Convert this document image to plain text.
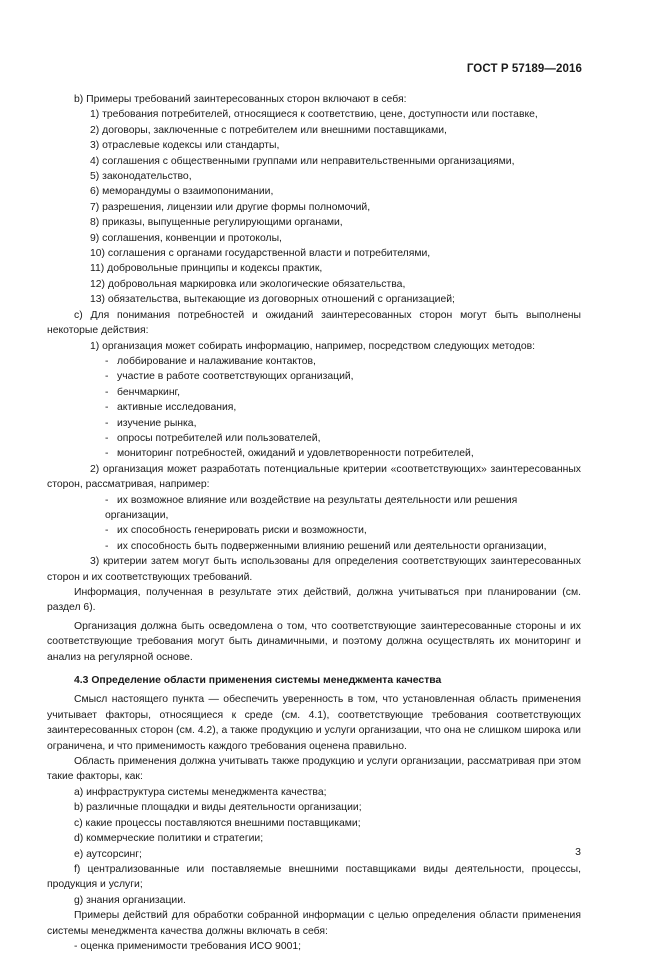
ГОСТ Р 57189—2016

b) Примеры требований заинтересованных сторон включают в себя:

1) требования потребителей, относящиеся к соответствию, цене, доступности или поставке,

2) договоры, заключенные с потребителем или внешними поставщиками,

3) отраслевые кодексы или стандарты,

4) соглашения с общественными группами или неправительственными организациями,

5) законодательство,

6) меморандумы о взаимопонимании,

7) разрешения, лицензии или другие формы полномочий,

8) приказы, выпущенные регулирующими органами,

9) соглашения, конвенции и протоколы,

10) соглашения с органами государственной власти и потребителями,

11) добровольные принципы и кодексы практик,

12) добровольная маркировка или экологические обязательства,

13) обязательства, вытекающие из договорных отношений с организацией;

c) Для понимания потребностей и ожиданий заинтересованных сторон могут быть выполнены некоторые действия:

1) организация может собирать информацию, например, посредством следующих методов:

- лоббирование и налаживание контактов,

- участие в работе соответствующих организаций,

- бенчмаркинг,

- активные исследования,

- изучение рынка,

- опросы потребителей или пользователей,

- мониторинг потребностей, ожиданий и удовлетворенности потребителей,

2) организация может разработать потенциальные критерии «соответствующих» заинтересованных сторон, рассматривая, например:

- их возможное влияние или воздействие на результаты деятельности или решения организации,

- их способность генерировать риски и возможности,

- их способность быть подверженными влиянию решений или деятельности организации,

3) критерии затем могут быть использованы для определения соответствующих заинтересованных сторон и их соответствующих требований.

Информация, полученная в результате этих действий, должна учитываться при планировании (см. раздел 6).

Организация должна быть осведомлена о том, что соответствующие заинтересованные стороны и их соответствующие требования могут быть динамичными, и поэтому должна осуществлять их мониторинг и анализ на регулярной основе.

4.3 Определение области применения системы менеджмента качества

Смысл настоящего пункта — обеспечить уверенность в том, что установленная область применения учитывает факторы, относящиеся к среде (см. 4.1), соответствующие требования соответствующих заинтересованных сторон (см. 4.2), а также продукцию и услуги организации, что она не слишком широка или ограничена, и что применимость каждого требования оценена правильно.

Область применения должна учитывать также продукцию и услуги организации, рассматривая при этом такие факторы, как:

a) инфраструктура системы менеджмента качества;

b) различные площадки и виды деятельности организации;

c) какие процессы поставляются внешними поставщиками;

d) коммерческие политики и стратегии;

e) аутсорсинг;

f) централизованные или поставляемые внешними поставщиками виды деятельности, процессы, продукция и услуги;

g) знания организации.

Примеры действий для обработки собранной информации с целью определения области применения системы менеджмента качества должны включать в себя:

- оценка применимости требования ИСО 9001;

3
